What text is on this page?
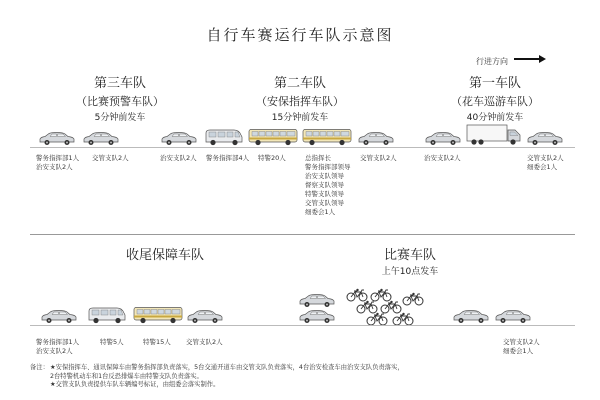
自行车赛运行车队示意图
行进方向
第三车队
（比赛预警车队）
5分钟前发车
第二车队
（安保指挥车队）
15分钟前发车
第一车队
（花车巡游车队）
40分钟前发车
警务指挥部1人
治安支队2人
交管支队2人	治安支队2人 警务指挥部4人 特警20人	总指挥长
警务指挥部领导
治安支队领导
督察支队领导
特警支队领导
交管支队领导
细委会1人
交管支队2人	治安支队2人	交管支队2人
细委会1人
收尾保障车队	比赛车队
上午10点发车
警务指挥部1人
治安支队2人
特警5人	特警15人 交管支队2人	交管支队2人
细委会1人
备注：★安保指挥车、通讯保障车由警务指挥部负责落实，5台交通开道车由交管支队负责落实，4台治安检查车由治安支队负责落实，
2台特警机动车和1台反恐排爆车由特警支队负责落实。
★交管支队负责提供车队车辆编号标证，由组委会落实制作。
